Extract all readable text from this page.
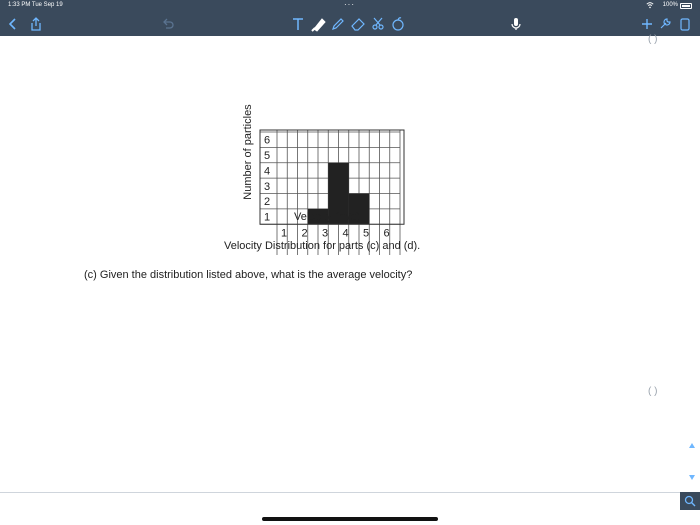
1:33 PM Tue Sep 19	···	100%
1 2 3 4 5 6
1
2
3
4
5
6
Velocity (m/s)
Number of particles
Velocity Distribution for parts (c) and (d).
(c) Given the distribution listed above, what is the average velocity?
( )
( )
